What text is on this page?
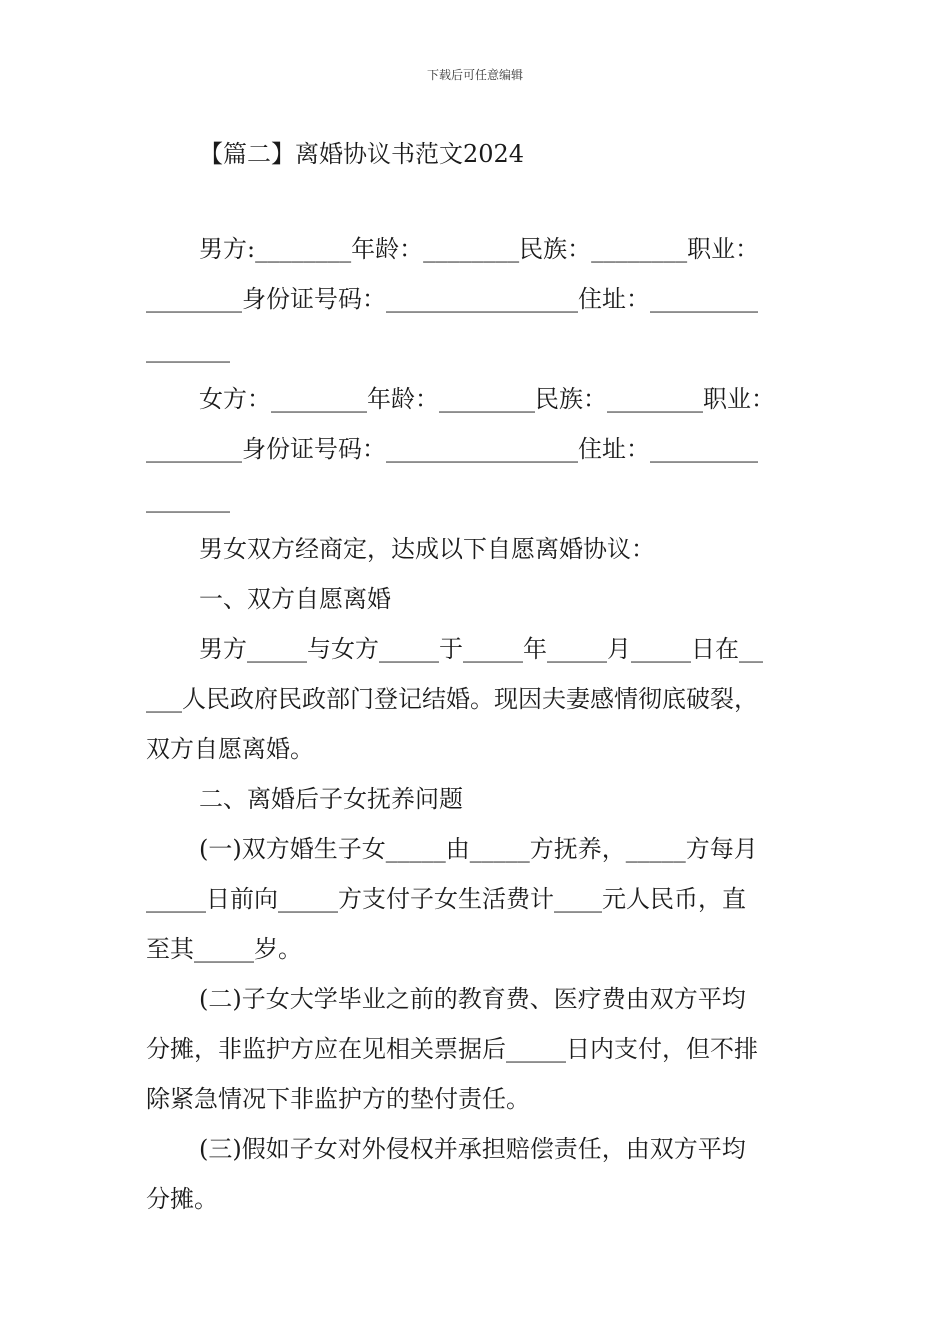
下载后可任意编辑
【篇二】离婚协议书范文2024
男方:________年龄：________民族：________职业：
________身份证号码：________________住址：_________
_______
女方：________年龄：________民族：________职业：
________身份证号码：________________住址：_________
_______
男女双方经商定，达成以下自愿离婚协议：
一、双方自愿离婚
男方_____与女方_____于_____年_____月_____日在__
___人民政府民政部门登记结婚。现因夫妻感情彻底破裂，
双方自愿离婚。
二、离婚后子女抚养问题
(一)双方婚生子女_____由_____方抚养，_____方每月
_____日前向_____方支付子女生活费计____元人民币，直
至其_____岁。
(二)子女大学毕业之前的教育费、医疗费由双方平均
分摊，非监护方应在见相关票据后_____日内支付，但不排
除紧急情况下非监护方的垫付责任。
(三)假如子女对外侵权并承担赔偿责任，由双方平均
分摊。
